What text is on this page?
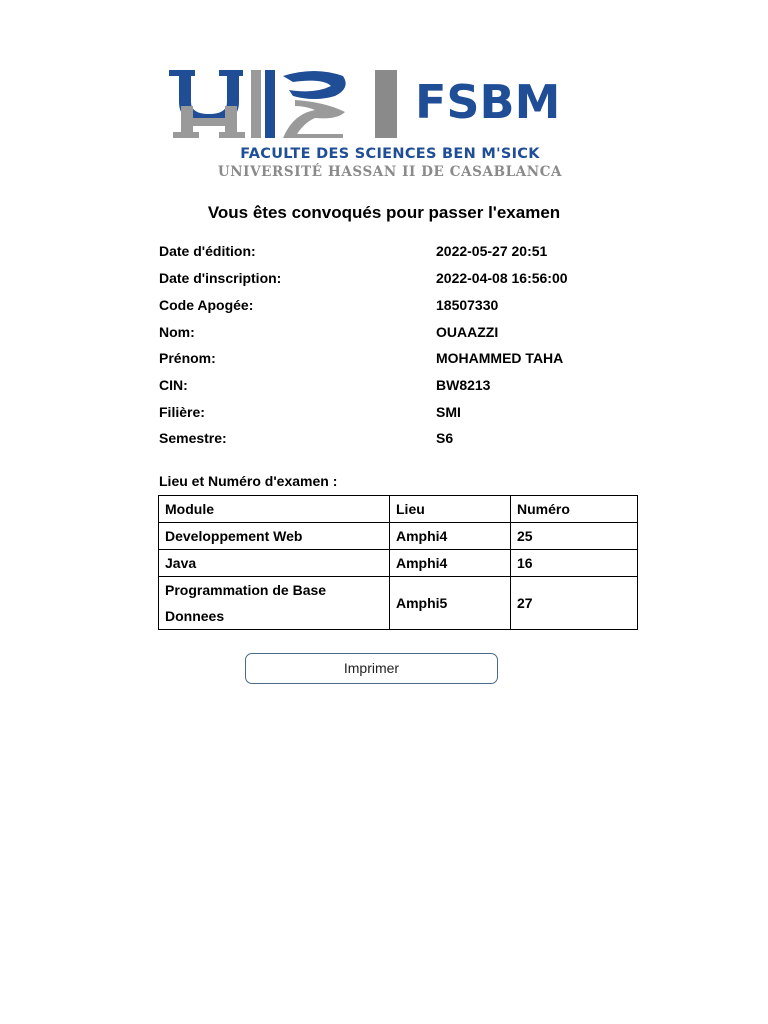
FSBM
FACULTE DES SCIENCES BEN M'SICK
UNIVERSITÉ HASSAN II DE CASABLANCA
Vous êtes convoqués pour passer l'examen
Date d'édition:	2022-05-27 20:51
Date d'inscription:	2022-04-08 16:56:00
Code Apogée:	18507330
Nom:	OUAAZZI
Prénom:	MOHAMMED TAHA
CIN:	BW8213
Filière:	SMI
Semestre:	S6
Lieu et Numéro d'examen :
Module	Lieu	Numéro
Developpement Web	Amphi4	25
Java	Amphi4	16
Programmation de Base Donnees	Amphi5	27
Imprimer
